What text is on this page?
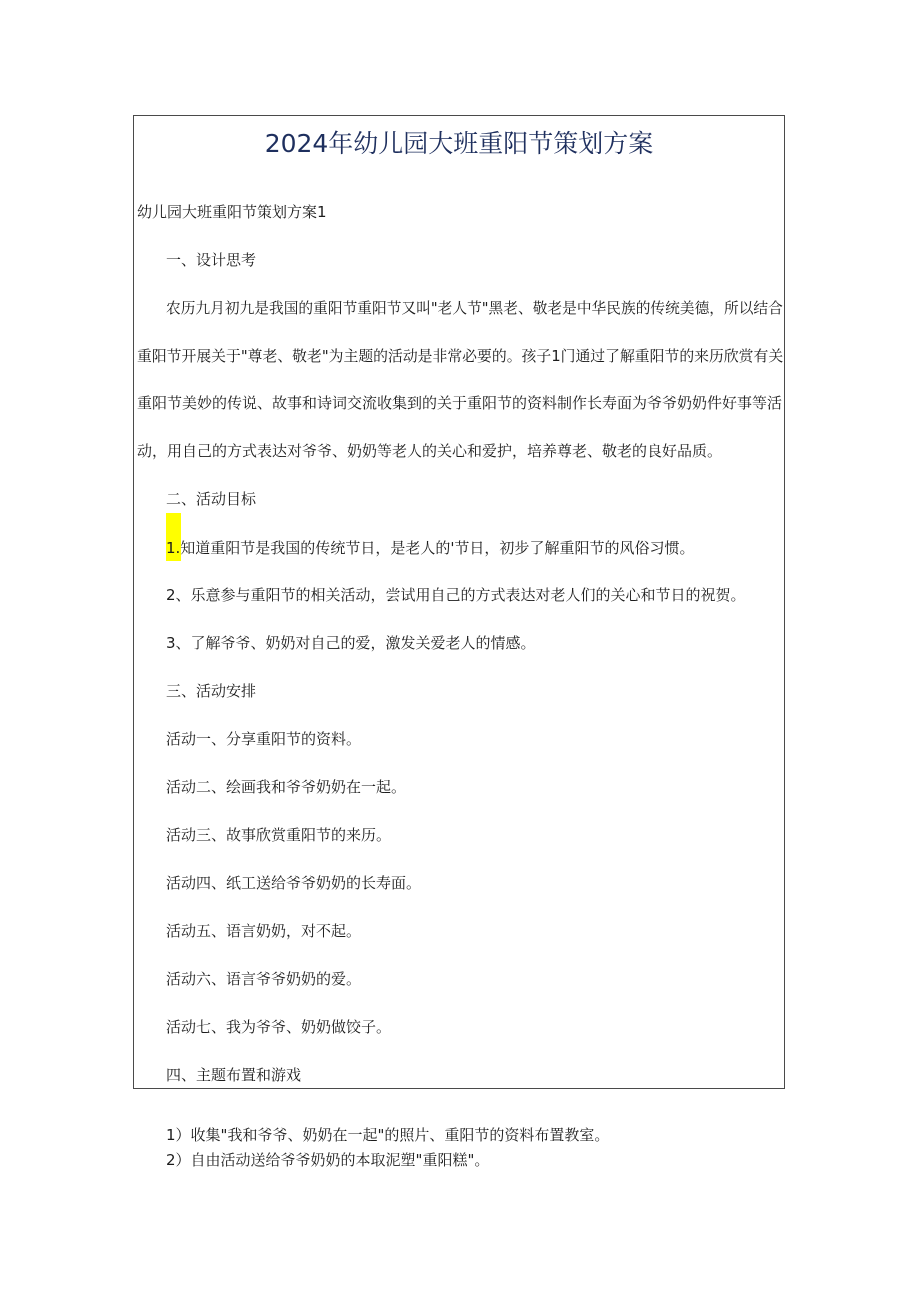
2024年幼儿园大班重阳节策划方案
幼儿园大班重阳节策划方案1
一、设计思考
农历九月初九是我国的重阳节重阳节又叫"老人节"黑老、敬老是中华民族的传统美德，所以结合
重阳节开展关于"尊老、敬老"为主题的活动是非常必要的。孩子1门通过了解重阳节的来历欣赏有关
重阳节美妙的传说、故事和诗词交流收集到的关于重阳节的资料制作长寿面为爷爷奶奶件好事等活
动，用自己的方式表达对爷爷、奶奶等老人的关心和爱护，培养尊老、敬老的良好品质。
二、活动目标
1.知道重阳节是我国的传统节日，是老人的'节日，初步了解重阳节的风俗习惯。
2、乐意参与重阳节的相关活动，尝试用自己的方式表达对老人们的关心和节日的祝贺。
3、了解爷爷、奶奶对自己的爱，激发关爱老人的情感。
三、活动安排
活动一、分享重阳节的资料。
活动二、绘画我和爷爷奶奶在一起。
活动三、故事欣赏重阳节的来历。
活动四、纸工送给爷爷奶奶的长寿面。
活动五、语言奶奶，对不起。
活动六、语言爷爷奶奶的爱。
活动七、我为爷爷、奶奶做饺子。
四、主题布置和游戏
1）收集"我和爷爷、奶奶在一起"的照片、重阳节的资料布置教室。
2）自由活动送给爷爷奶奶的本取泥塑"重阳糕"。
